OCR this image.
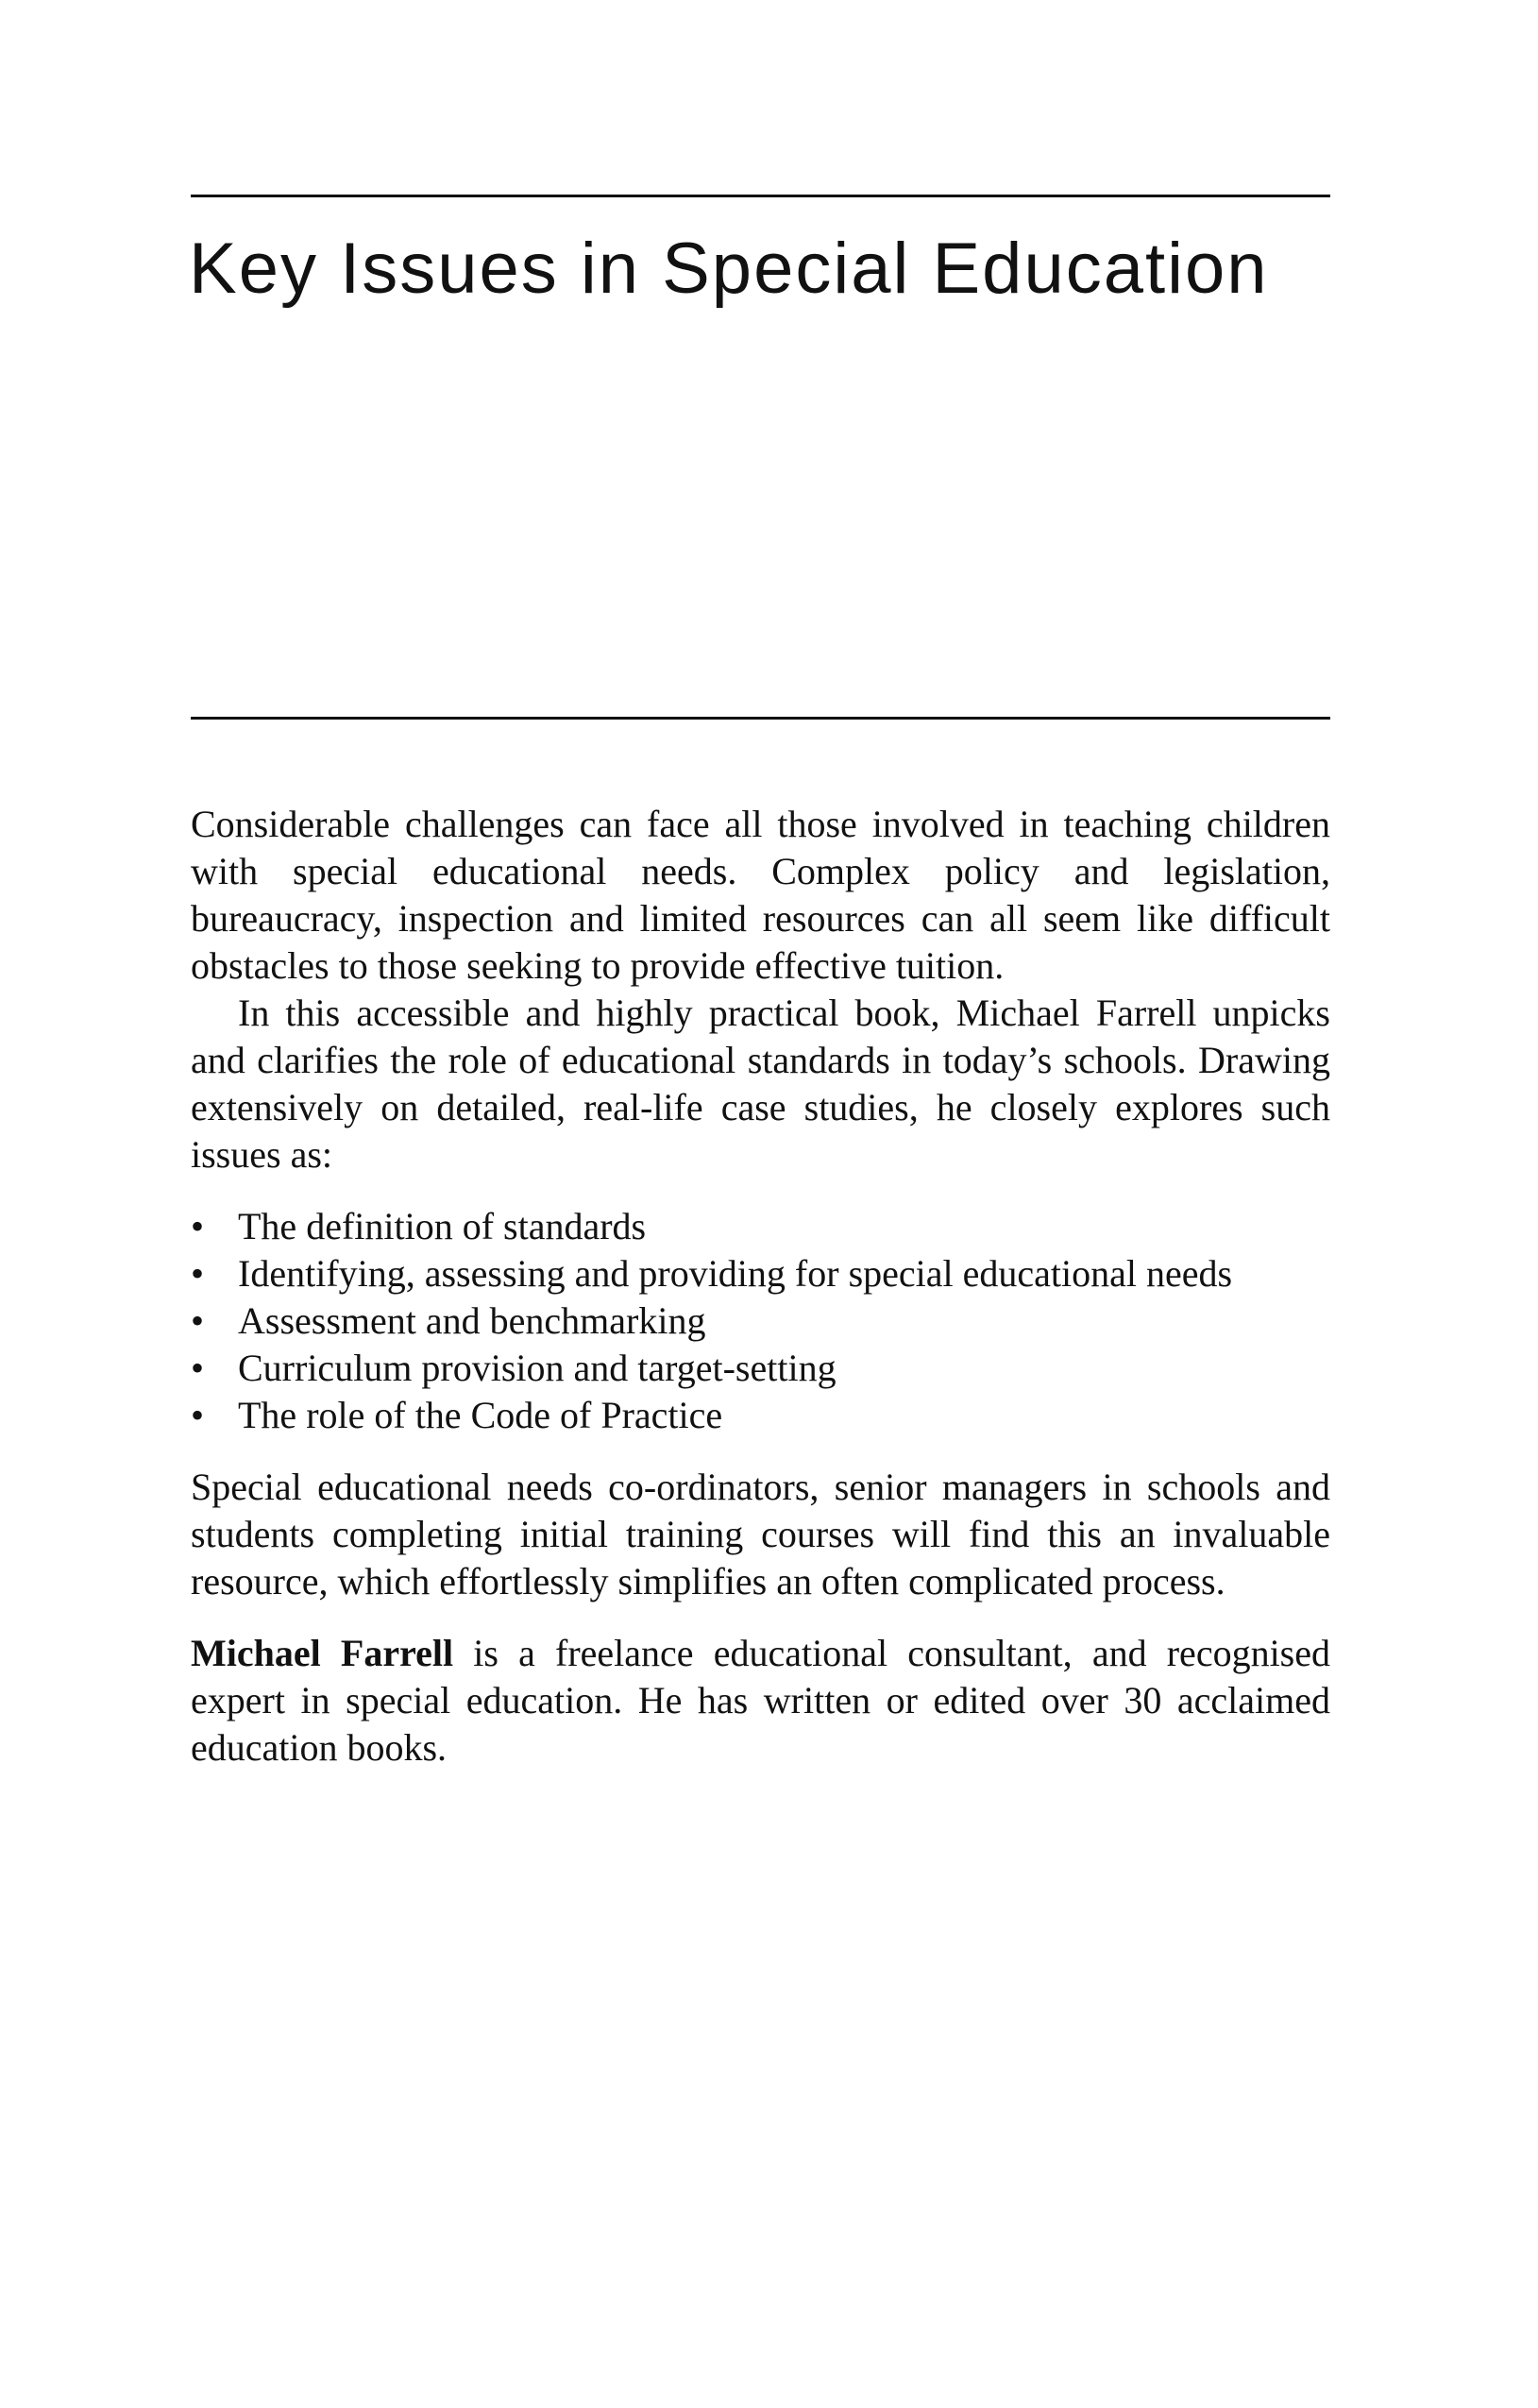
Key Issues in Special Education

Considerable challenges can face all those involved in teaching children with special educational needs. Complex policy and legislation, bureaucracy, inspection and limited resources can all seem like difficult obstacles to those seeking to provide effective tuition.

In this accessible and highly practical book, Michael Farrell unpicks and clarifies the role of educational standards in today’s schools. Drawing extensively on detailed, real-life case studies, he closely explores such issues as:

• The definition of standards
• Identifying, assessing and providing for special educational needs
• Assessment and benchmarking
• Curriculum provision and target-setting
• The role of the Code of Practice

Special educational needs co-ordinators, senior managers in schools and students completing initial training courses will find this an invaluable resource, which effortlessly simplifies an often complicated process.

Michael Farrell is a freelance educational consultant, and recognised expert in special education. He has written or edited over 30 acclaimed education books.
